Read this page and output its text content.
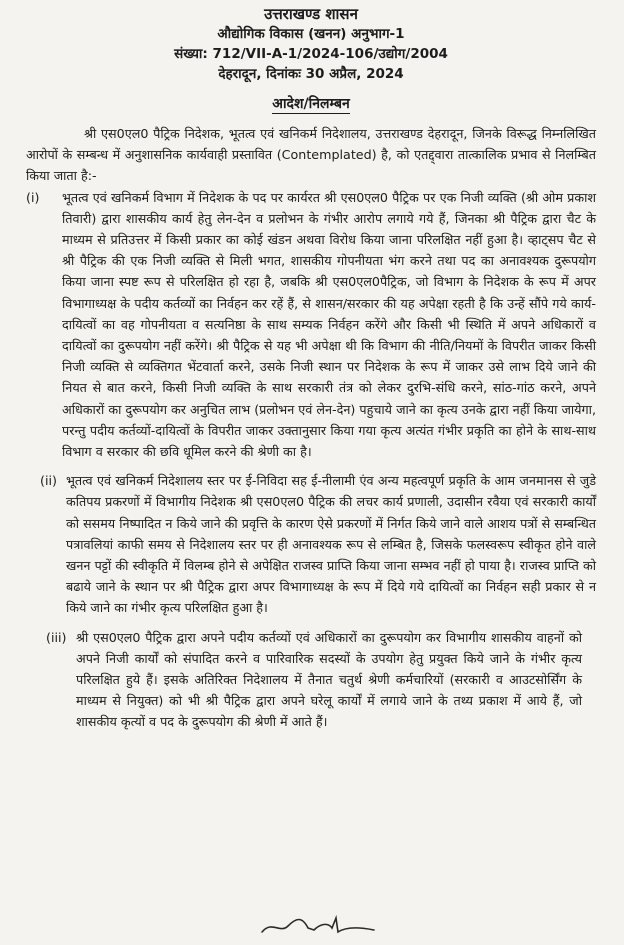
उत्तराखण्ड शासन
औद्योगिक विकास (खनन) अनुभाग-1
संख्या: 712/VII-A-1/2024-106/उद्योग/2004
देहरादून, दिनांकः 30 अप्रैल, 2024
आदेश/निलम्बन

श्री एस0एल0 पैट्रिक निदेशक, भूतत्व एवं खनिकर्म निदेशालय, उत्तराखण्ड देहरादून, जिनके विरूद्ध निम्नलिखित आरोपों के सम्बन्ध में अनुशासनिक कार्यवाही प्रस्तावित (Contemplated) है, को एतद्द्वारा तात्कालिक प्रभाव से निलम्बित किया जाता है:-

(i)	भूतत्व एवं खनिकर्म विभाग में निदेशक के पद पर कार्यरत श्री एस0एल0 पैट्रिक पर एक निजी व्यक्ति (श्री ओम प्रकाश तिवारी) द्वारा शासकीय कार्य हेतु लेन-देन व प्रलोभन के गंभीर आरोप लगाये गये हैं, जिनका श्री पैट्रिक द्वारा चैट के माध्यम से प्रतिउत्तर में किसी प्रकार का कोई खंडन अथवा विरोध किया जाना परिलक्षित नहीं हुआ है। व्हाट्सप चैट से श्री पैट्रिक की एक निजी व्यक्ति से मिली भगत, शासकीय गोपनीयता भंग करने तथा पद का अनावश्यक दुरूपयोग किया जाना स्पष्ट रूप से परिलक्षित हो रहा है, जबकि श्री एस0एल0पैट्रिक, जो विभाग के निदेशक के रूप में अपर विभागाध्यक्ष के पदीय कर्तव्यों का निर्वहन कर रहें हैं, से शासन/सरकार की यह अपेक्षा रहती है कि उन्हें सौंपे गये कार्य-दायित्वों का वह गोपनीयता व सत्यनिष्ठा के साथ सम्यक निर्वहन करेंगे और किसी भी स्थिति में अपने अधिकारों व दायित्वों का दुरूपयोग नहीं करेंगे। श्री पैट्रिक से यह भी अपेक्षा थी कि विभाग की नीति/नियमों के विपरीत जाकर किसी निजी व्यक्ति से व्यक्तिगत भेंटवार्ता करने, उसके निजी स्थान पर निदेशक के रूप में जाकर उसे लाभ दिये जाने की नियत से बात करने, किसी निजी व्यक्ति के साथ सरकारी तंत्र को लेकर दुरभि-संधि करने, सांठ-गांठ करने, अपने अधिकारों का दुरूपयोग कर अनुचित लाभ (प्रलोभन एवं लेन-देन) पहुचाये जाने का कृत्य उनके द्वारा नहीं किया जायेगा, परन्तु पदीय कर्तव्यों-दायित्वों के विपरीत जाकर उक्तानुसार किया गया कृत्य अत्यंत गंभीर प्रकृति का होने के साथ-साथ विभाग व सरकार की छवि धूमिल करने की श्रेणी का है।
(ii) भूतत्व एवं खनिकर्म निदेशालय स्तर पर ई-निविदा सह ई-नीलामी एंव अन्य महत्वपूर्ण प्रकृति के आम जनमानस से जुडे कतिपय प्रकरणों में विभागीय निदेशक श्री एस0एल0 पैट्रिक की लचर कार्य प्रणाली, उदासीन रवैया एवं सरकारी कार्यों को ससमय निष्पादित न किये जाने की प्रवृत्ति के कारण ऐसे प्रकरणों में निर्गत किये जाने वाले आशय पत्रों से सम्बन्धित पत्रावलियां काफी समय से निदेशालय स्तर पर ही अनावश्यक रूप से लम्बित है, जिसके फलस्वरूप स्वीकृत होने वाले खनन पट्टों की स्वीकृति में विलम्ब होने से अपेक्षित राजस्व प्राप्ति किया जाना सम्भव नहीं हो पाया है। राजस्व प्राप्ति को बढाये जाने के स्थान पर श्री पैट्रिक द्वारा अपर विभागाध्यक्ष के रूप में दिये गये दायित्वों का निर्वहन सही प्रकार से न किये जाने का गंभीर कृत्य परिलक्षित हुआ है।
(iii) श्री एस0एल0 पैट्रिक द्वारा अपने पदीय कर्तव्यों एवं अधिकारों का दुरूपयोग कर विभागीय शासकीय वाहनों को अपने निजी कार्यों को संपादित करने व पारिवारिक सदस्यों के उपयोग हेतु प्रयुक्त किये जाने के गंभीर कृत्य परिलक्षित हुये हैं। इसके अतिरिक्त निदेशालय में तैनात चतुर्थ श्रेणी कर्मचारियों (सरकारी व आउटसोर्सिंग के माध्यम से नियुक्त) को भी श्री पैट्रिक द्वारा अपने घरेलू कार्यों में लगाये जाने के तथ्य प्रकाश में आये हैं, जो शासकीय कृत्यों व पद के दुरूपयोग की श्रेणी में आते हैं।
